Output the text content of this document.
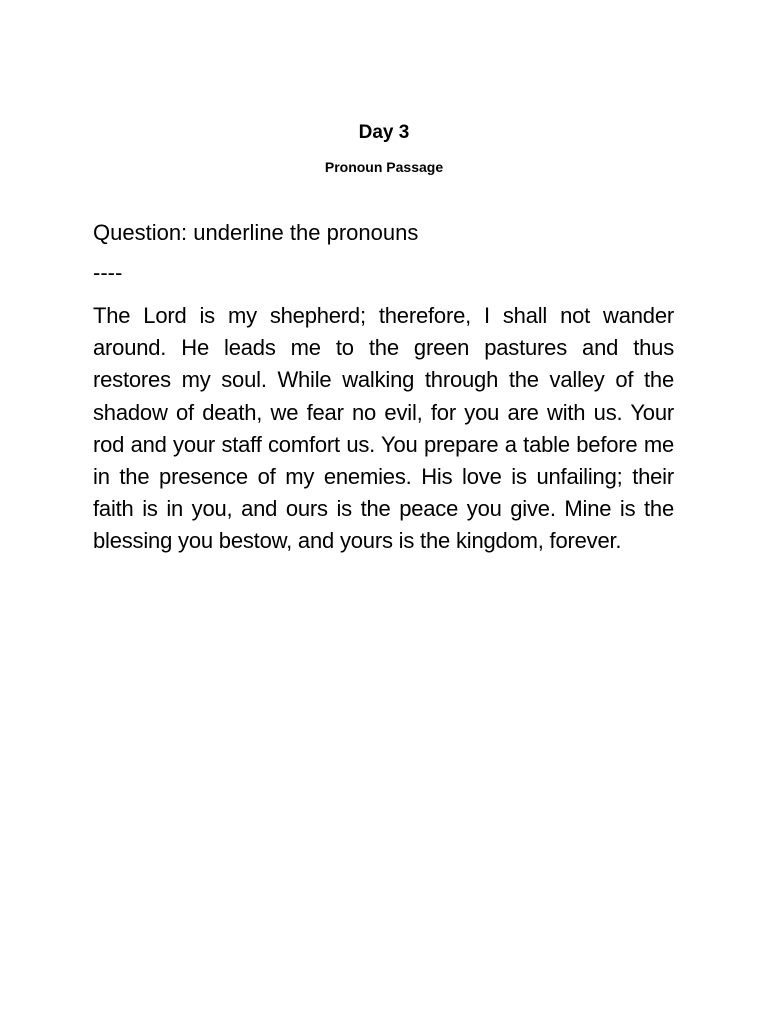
Day 3
Pronoun Passage
Question: underline the pronouns
----
The Lord is my shepherd; therefore, I shall not wander around. He leads me to the green pastures and thus restores my soul. While walking through the valley of the shadow of death, we fear no evil, for you are with us. Your rod and your staff comfort us. You prepare a table before me in the presence of my enemies. His love is unfailing; their faith is in you, and ours is the peace you give. Mine is the blessing you bestow, and yours is the kingdom, forever.
